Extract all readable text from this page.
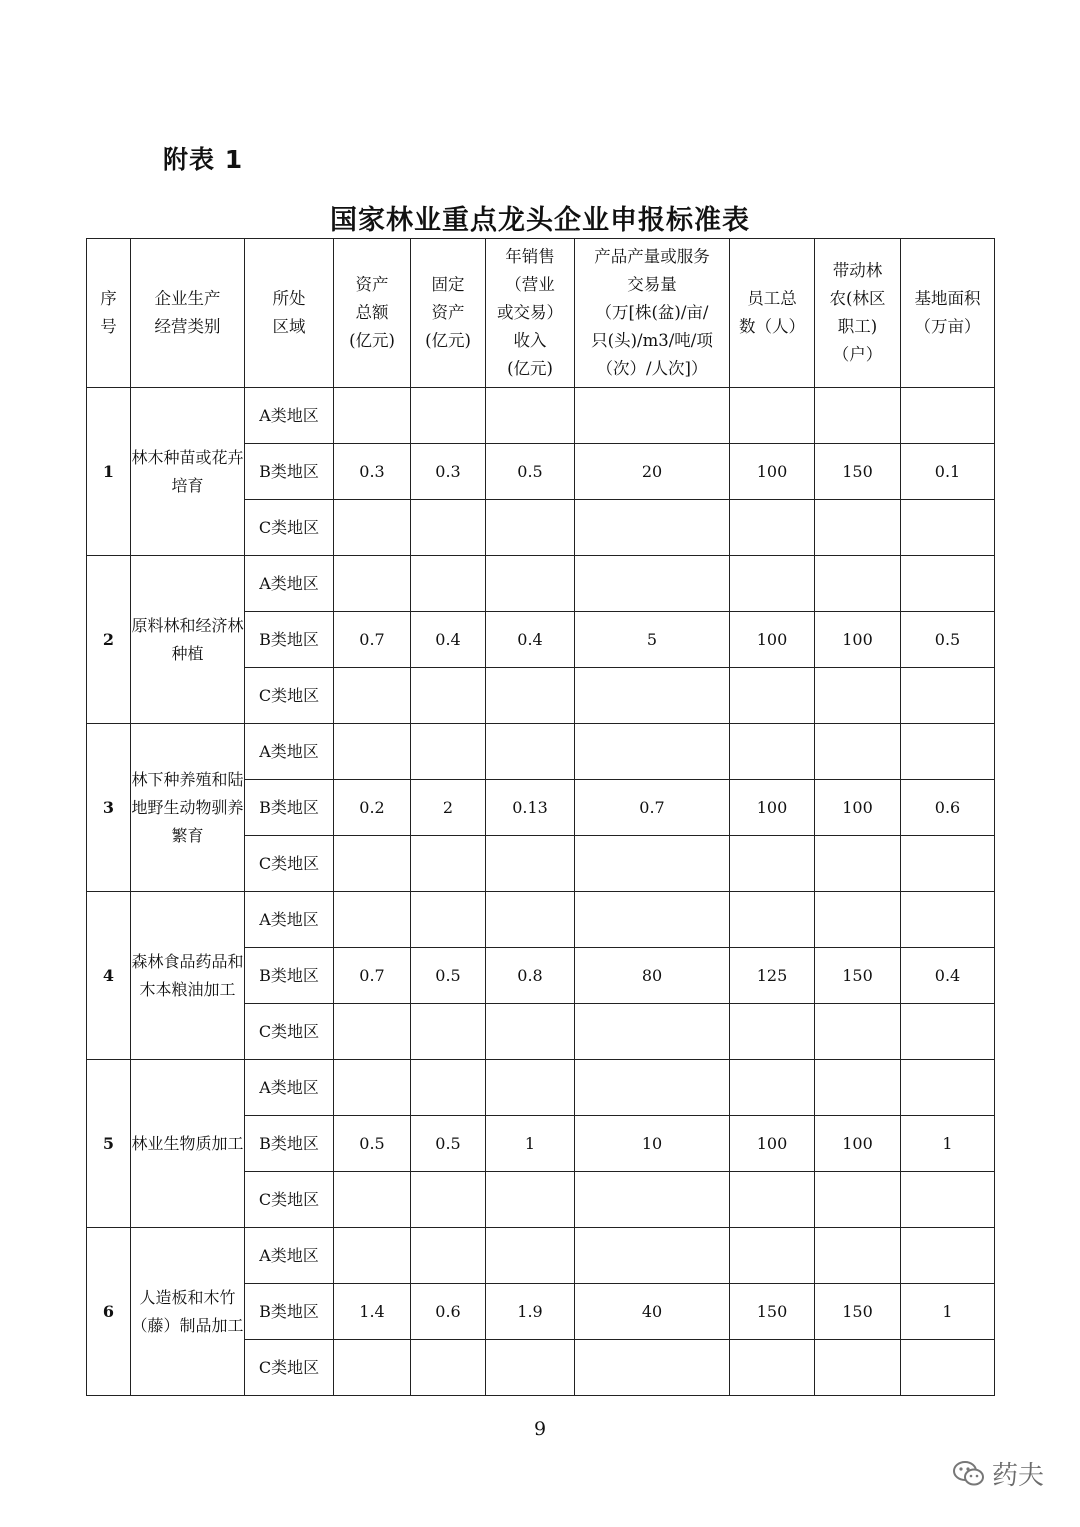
附表 1
国家林业重点龙头企业申报标准表
序
号	企业生产
经营类别	所处
区域	资产
总额
(亿元)	固定
资产
(亿元)	年销售
（营业
或交易）
收入
(亿元)	产品产量或服务
交易量
（万[株(盆)/亩/
只(头)/m3/吨/项
（次）/人次]）	员工总
数（人）	带动林
农(林区
职工)
（户）	基地面积
（万亩）

1	林木种苗或花卉培育	A类地区							
		B类地区	0.3	0.3	0.5	20	100	150	0.1
		C类地区							
2	原料林和经济林种植	A类地区							
		B类地区	0.7	0.4	0.4	5	100	100	0.5
		C类地区							
3	林下种养殖和陆地野生动物驯养繁育	A类地区							
		B类地区	0.2	2	0.13	0.7	100	100	0.6
		C类地区							
4	森林食品药品和木本粮油加工	A类地区							
		B类地区	0.7	0.5	0.8	80	125	150	0.4
		C类地区							
5	林业生物质加工	A类地区							
		B类地区	0.5	0.5	1	10	100	100	1
		C类地区							
6	人造板和木竹（藤）制品加工	A类地区							
		B类地区	1.4	0.6	1.9	40	150	150	1
		C类地区							
9
药夫
